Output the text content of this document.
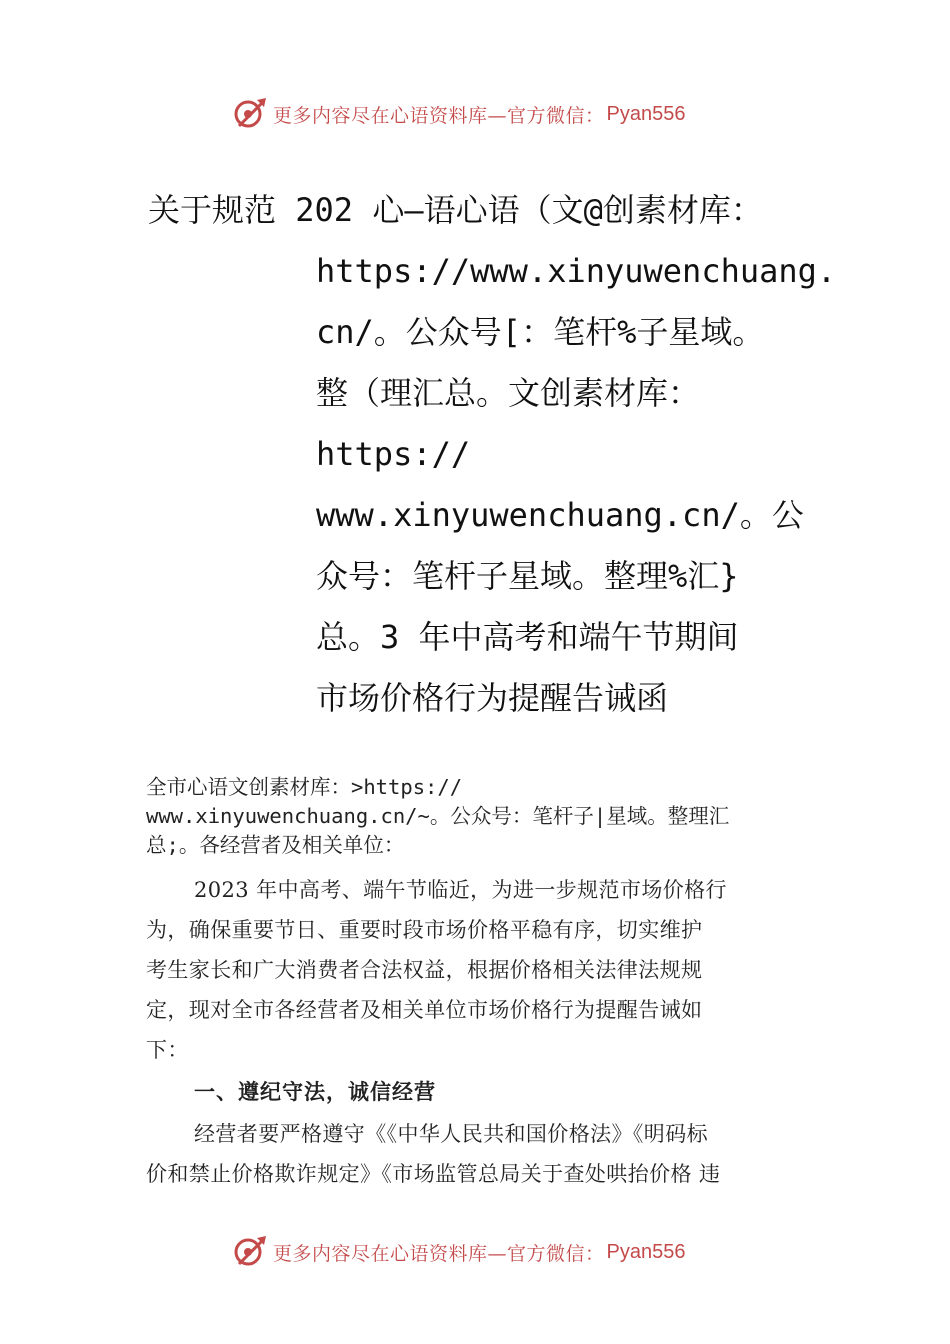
更多内容尽在心语资料库—官方微信： Pyan556
关于规范 202 心—语心语（文@创素材库：
https://www.xinyuwenchuang.
cn/。公众号[：笔杆%子星域。
整（理汇总。文创素材库：
https://
www.xinyuwenchuang.cn/。公
众号：笔杆子星域。整理%汇}
总。3 年中高考和端午节期间
市场价格行为提醒告诫函
全市心语文创素材库：>https://
www.xinyuwenchuang.cn/~。公众号：笔杆子|星域。整理汇
总;。各经营者及相关单位：
2023 年中高考、端午节临近，为进一步规范市场价格行
为，确保重要节日、重要时段市场价格平稳有序，切实维护
考生家长和广大消费者合法权益，根据价格相关法律法规规
定，现对全市各经营者及相关单位市场价格行为提醒告诫如
下：
一、遵纪守法，诚信经营
经营者要严格遵守《《中华人民共和国价格法》《明码标
价和禁止价格欺诈规定》《市场监管总局关于查处哄抬价格 违
更多内容尽在心语资料库—官方微信： Pyan556
